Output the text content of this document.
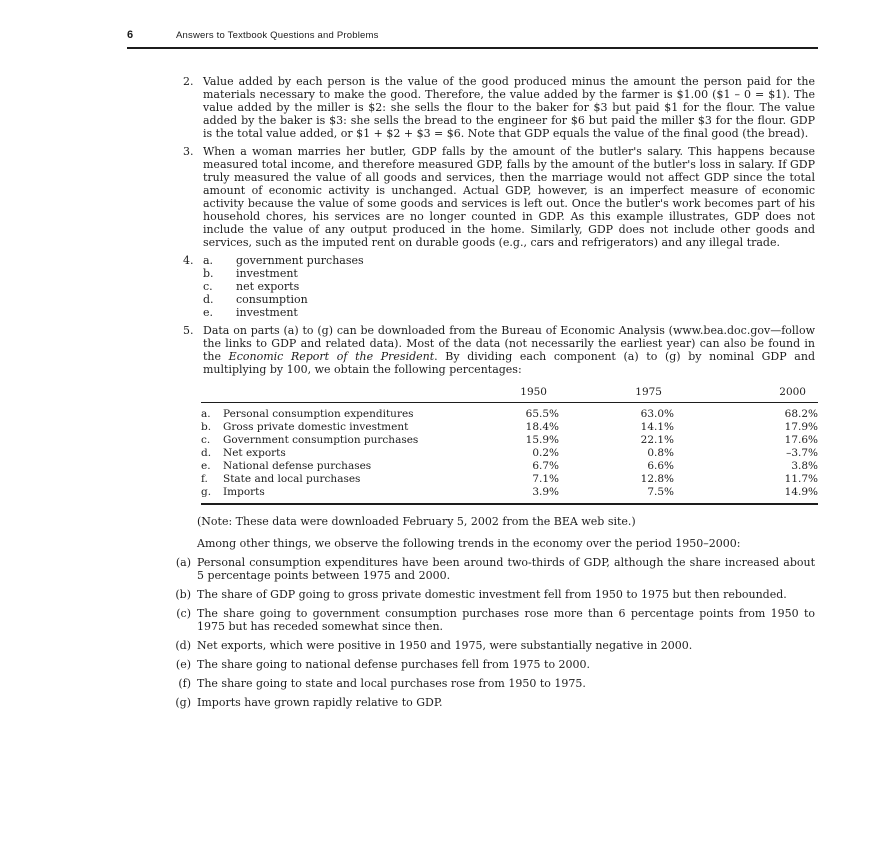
6	Answers to Textbook Questions and Problems
2. Value added by each person is the value of the good produced minus the amount the person paid for the materials necessary to make the good. Therefore, the value added by the farmer is $1.00 ($1 – 0 = $1). The value added by the miller is $2: she sells the flour to the baker for $3 but paid $1 for the flour. The value added by the baker is $3: she sells the bread to the engineer for $6 but paid the miller $3 for the flour. GDP is the total value added, or $1 + $2 + $3 = $6. Note that GDP equals the value of the final good (the bread).
3. When a woman marries her butler, GDP falls by the amount of the butler's salary. This happens because measured total income, and therefore measured GDP, falls by the amount of the butler's loss in salary. If GDP truly measured the value of all goods and services, then the marriage would not affect GDP since the total amount of economic activity is unchanged. Actual GDP, however, is an imperfect measure of economic activity because the value of some goods and services is left out. Once the butler's work becomes part of his household chores, his services are no longer counted in GDP. As this example illustrates, GDP does not include the value of any output produced in the home. Similarly, GDP does not include other goods and services, such as the imputed rent on durable goods (e.g., cars and refrigerators) and any illegal trade.
4. a.	government purchases
b.	investment
c.	net exports
d.	consumption
e.	investment
5. Data on parts (a) to (g) can be downloaded from the Bureau of Economic Analysis (www.bea.doc.gov—follow the links to GDP and related data). Most of the data (not necessarily the earliest year) can also be found in the Economic Report of the President. By dividing each component (a) to (g) by nominal GDP and multiplying by 100, we obtain the following percentages:
		1950	1975	2000
a.	Personal consumption expenditures	65.5%	63.0%	68.2%
b.	Gross private domestic investment	18.4%	14.1%	17.9%
c.	Government consumption purchases	15.9%	22.1%	17.6%
d.	Net exports	0.2%	0.8%	–3.7%
e.	National defense purchases	6.7%	6.6%	3.8%
f.	State and local purchases	7.1%	12.8%	11.7%
g.	Imports	3.9%	7.5%	14.9%

(Note: These data were downloaded February 5, 2002 from the BEA web site.)

Among other things, we observe the following trends in the economy over the period 1950–2000:

(a) Personal consumption expenditures have been around two-thirds of GDP, although the share increased about 5 percentage points between 1975 and 2000.
(b) The share of GDP going to gross private domestic investment fell from 1950 to 1975 but then rebounded.
(c) The share going to government consumption purchases rose more than 6 percentage points from 1950 to 1975 but has receded somewhat since then.
(d) Net exports, which were positive in 1950 and 1975, were substantially negative in 2000.
(e) The share going to national defense purchases fell from 1975 to 2000.
(f) The share going to state and local purchases rose from 1950 to 1975.
(g) Imports have grown rapidly relative to GDP.
